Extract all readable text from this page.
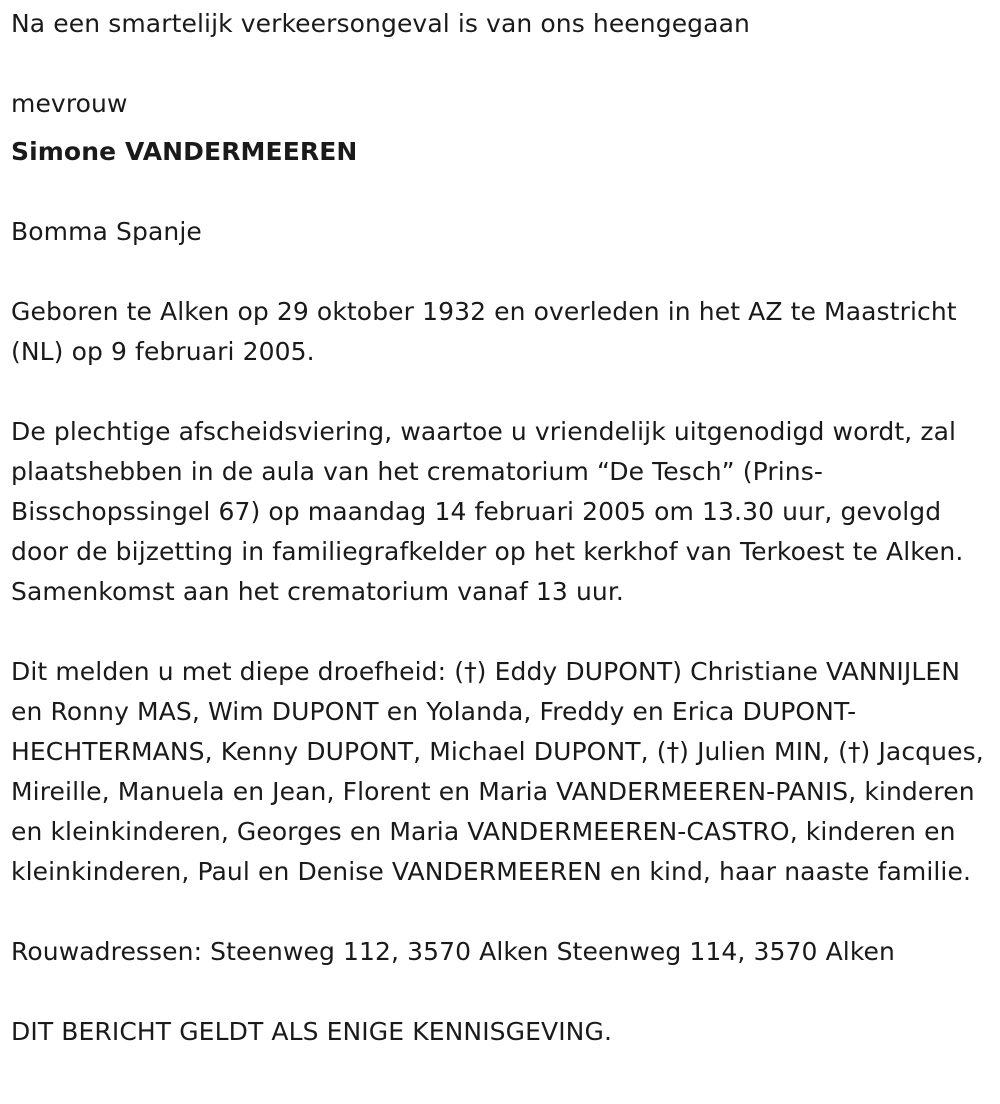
Na een smartelijk verkeersongeval is van ons heengegaan

mevrouw

Simone VANDERMEEREN

Bomma Spanje

Geboren te Alken op 29 oktober 1932 en overleden in het AZ te Maastricht (NL) op 9 februari 2005.

De plechtige afscheidsviering, waartoe u vriendelijk uitgenodigd wordt, zal plaatshebben in de aula van het crematorium “De Tesch” (Prins-Bisschopssingel 67) op maandag 14 februari 2005 om 13.30 uur, gevolgd door de bijzetting in familiegrafkelder op het kerkhof van Terkoest te Alken. Samenkomst aan het crematorium vanaf 13 uur.

Dit melden u met diepe droefheid: (†) Eddy DUPONT) Christiane VANNIJLEN en Ronny MAS, Wim DUPONT en Yolanda, Freddy en Erica DUPONT-HECHTERMANS, Kenny DUPONT, Michael DUPONT, (†) Julien MIN, (†) Jacques, Mireille, Manuela en Jean, Florent en Maria VANDERMEEREN-PANIS, kinderen en kleinkinderen, Georges en Maria VANDERMEEREN-CASTRO, kinderen en kleinkinderen, Paul en Denise VANDERMEEREN en kind, haar naaste familie.

Rouwadressen: Steenweg 112, 3570 Alken Steenweg 114, 3570 Alken

DIT BERICHT GELDT ALS ENIGE KENNISGEVING.
